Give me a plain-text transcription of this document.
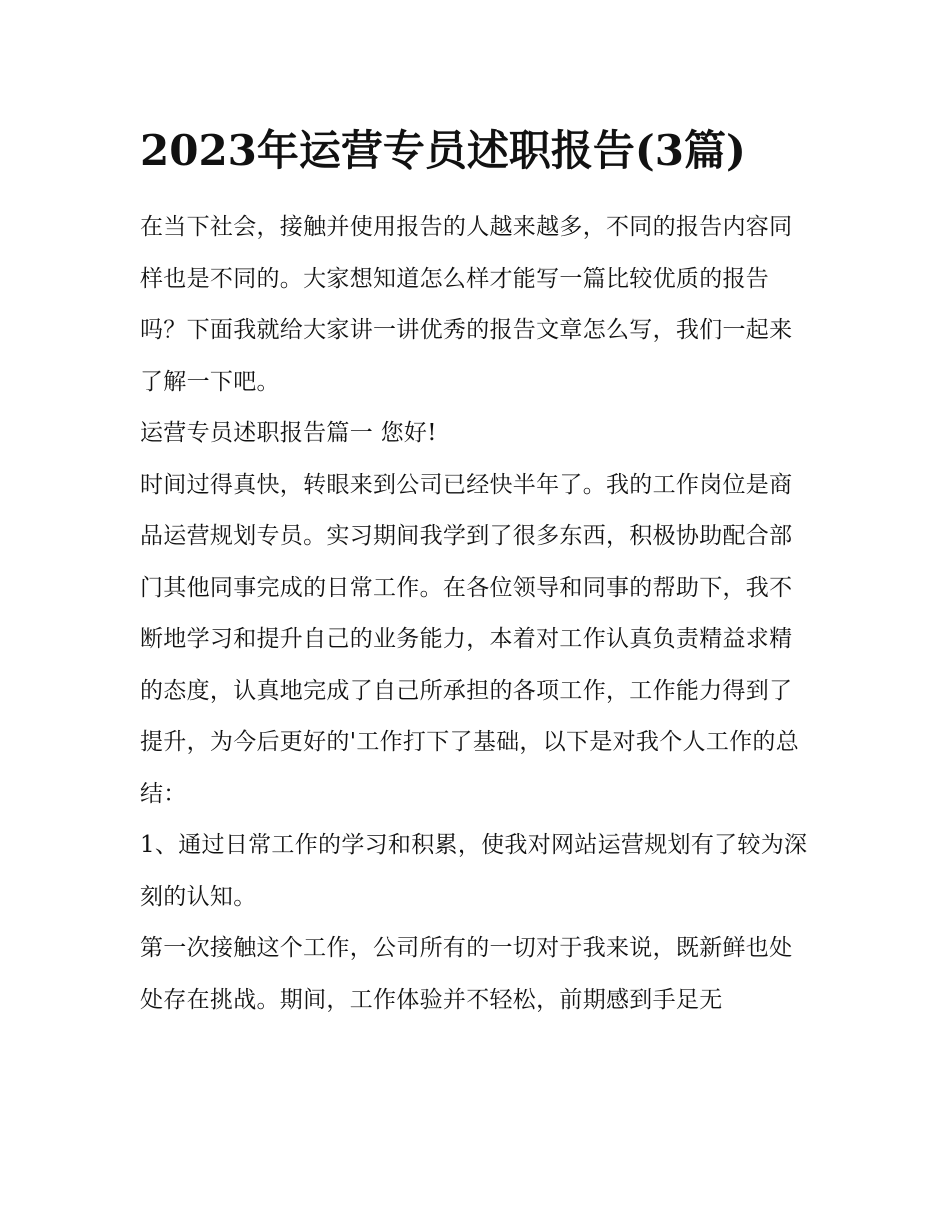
2023年运营专员述职报告(3篇)

在当下社会，接触并使用报告的人越来越多，不同的报告内容同样也是不同的。大家想知道怎么样才能写一篇比较优质的报告吗？下面我就给大家讲一讲优秀的报告文章怎么写，我们一起来了解一下吧。

运营专员述职报告篇一 您好!

时间过得真快，转眼来到公司已经快半年了。我的工作岗位是商品运营规划专员。实习期间我学到了很多东西，积极协助配合部门其他同事完成的日常工作。在各位领导和同事的帮助下，我不断地学习和提升自己的业务能力，本着对工作认真负责精益求精的态度，认真地完成了自己所承担的各项工作，工作能力得到了提升，为今后更好的'工作打下了基础，以下是对我个人工作的总结：

1、通过日常工作的学习和积累，使我对网站运营规划有了较为深刻的认知。

第一次接触这个工作，公司所有的一切对于我来说，既新鲜也处处存在挑战。期间，工作体验并不轻松，前期感到手足无
